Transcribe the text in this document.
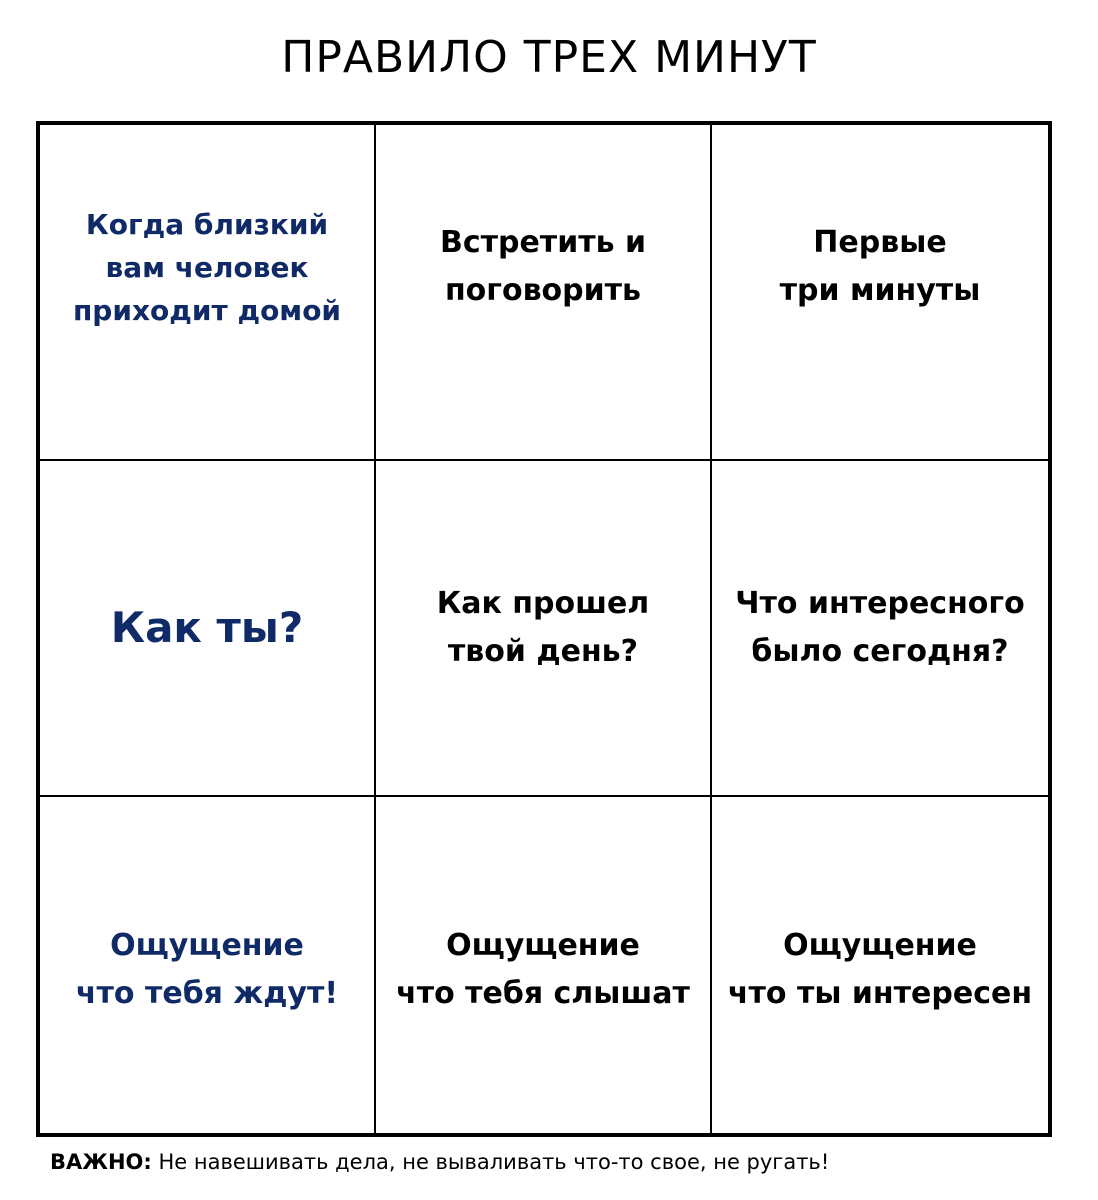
ПРАВИЛО ТРЕХ МИНУТ
Когда близкий
вам человек
приходит домой
Встретить и
поговорить
Первые
три минуты
Как ты?	Как прошел
твой день?
Что интересного
было сегодня?
Ощущение
что тебя ждут!
Ощущение
что тебя слышат
Ощущение
что ты интересен
ВАЖНО: Не навешивать дела, не вываливать что-то свое, не ругать!
